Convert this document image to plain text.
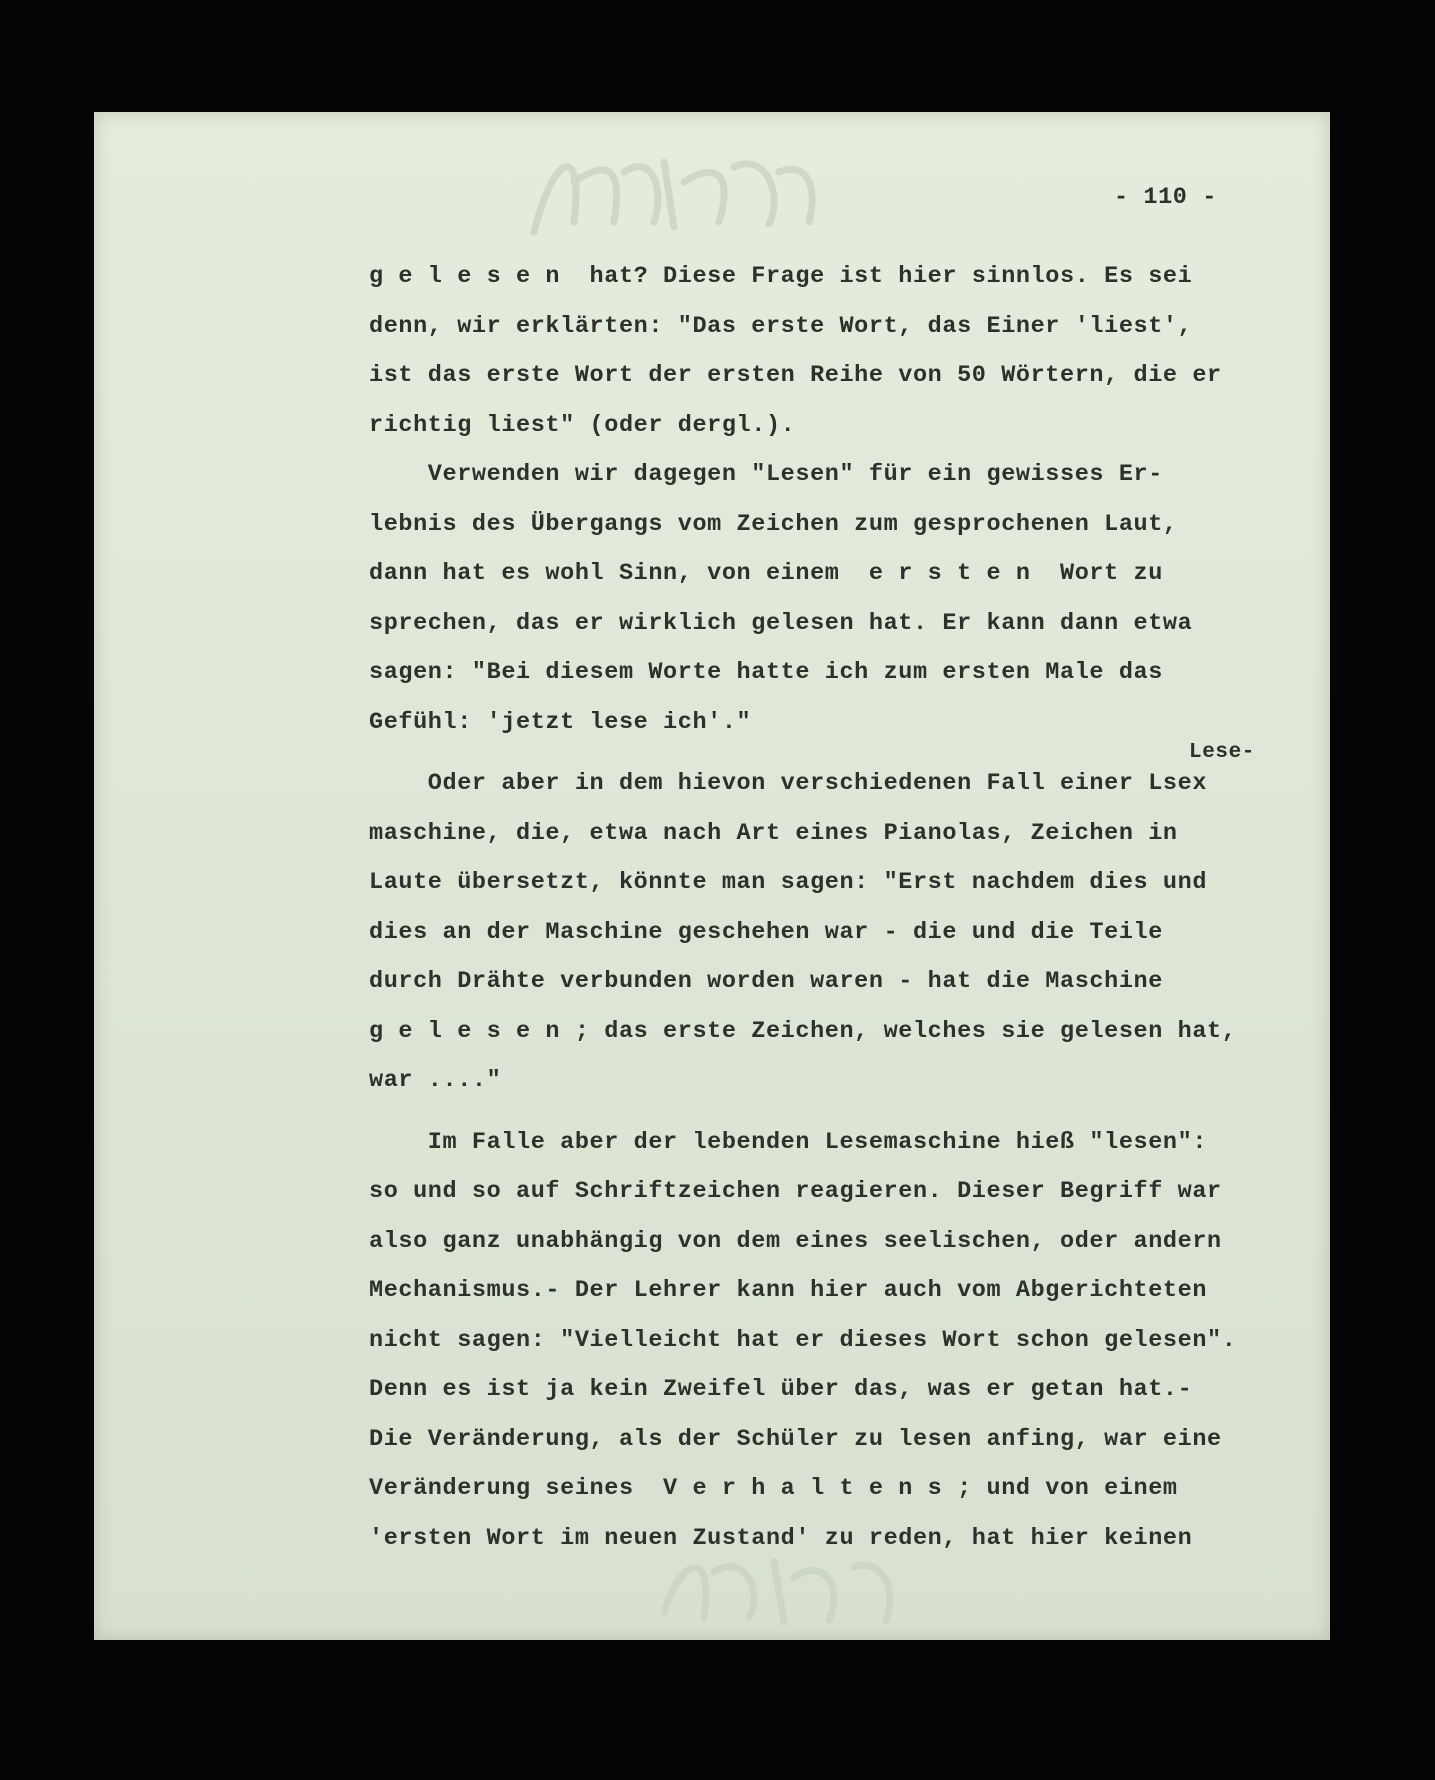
- 110 -
Lese-
g e l e s e n  hat? Diese Frage ist hier sinnlos. Es sei
denn, wir erklärten: "Das erste Wort, das Einer 'liest',
ist das erste Wort der ersten Reihe von 50 Wörtern, die er
richtig liest" (oder dergl.).
Verwenden wir dagegen "Lesen" für ein gewisses Er-
lebnis des Übergangs vom Zeichen zum gesprochenen Laut,
dann hat es wohl Sinn, von einem  e r s t e n  Wort zu
sprechen, das er wirklich gelesen hat. Er kann dann etwa
sagen: "Bei diesem Worte hatte ich zum ersten Male das
Gefühl: 'jetzt lese ich'."
Oder aber in dem hievon verschiedenen Fall einer Lsex
maschine, die, etwa nach Art eines Pianolas, Zeichen in
Laute übersetzt, könnte man sagen: "Erst nachdem dies und
dies an der Maschine geschehen war - die und die Teile
durch Drähte verbunden worden waren - hat die Maschine
g e l e s e n ; das erste Zeichen, welches sie gelesen hat,
war ...."
Im Falle aber der lebenden Lesemaschine hieß "lesen":
so und so auf Schriftzeichen reagieren. Dieser Begriff war
also ganz unabhängig von dem eines seelischen, oder andern
Mechanismus.- Der Lehrer kann hier auch vom Abgerichteten
nicht sagen: "Vielleicht hat er dieses Wort schon gelesen".
Denn es ist ja kein Zweifel über das, was er getan hat.-
Die Veränderung, als der Schüler zu lesen anfing, war eine
Veränderung seines  V e r h a l t e n s ; und von einem
'ersten Wort im neuen Zustand' zu reden, hat hier keinen
